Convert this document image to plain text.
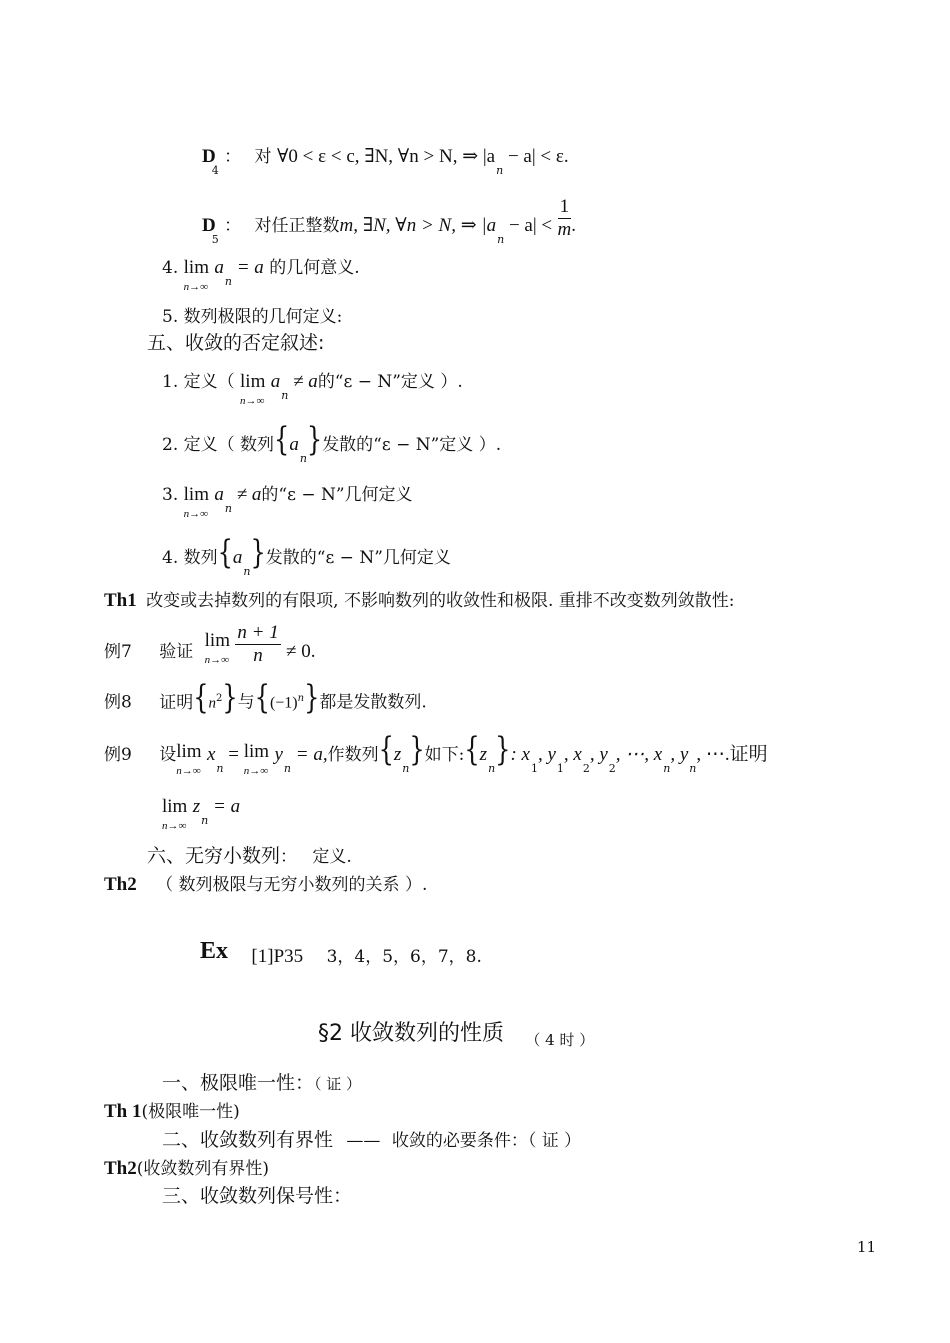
$D_4$ ： 对 ∀0 < ε < c, ∃N, ∀n > N, ⇒ $|a_n - a| < \varepsilon$.
$D_5$ ： 对任正整数m, ∃N, ∀n > N, ⇒ $|a_n - a| < \frac{1}{m}$ .
4. lim
n→∞
$a_n = a$ 的几何意义.
5. 数列极限的几何定义:
五、收敛的否定叙述:
1. 定义（ lim
n→∞
$a_n \ne a$的“ε − N”定义 ）.
2. 定义（ 数列$\{a_n\}$发散的“ε − N”定义 ）.
3. lim
n→∞
$a_n \ne a$的“ε − N”几何定义
4. 数列$\{a_n\}$发散的“ε − N”几何定义
Th1 改变或去掉数列的有限项, 不影响数列的收敛性和极限. 重排不改变数列敛散性:
例7 验证
lim
n→∞
$\frac{n + 1}{n} \ne 0$.
例8 证明$\{n^2\}$与$\{(-1)^n\}$都是发散数列.
例9 设 lim
n→∞
$x_n = \lim$
n→∞
$y_n = a$,作数列$\{z_n\}$如下$:\{z_n\}$: $x_1$, $y_1$, $x_2$, $y_2$, ⋯, $x_n$, $y_n$, ⋯.证明
lim
n→∞
$z_n = a$
六、无穷小数列： 定义.
Th2 （ 数列极限与无穷小数列的关系 ）.
Ex [1]P35 3，4，5，6，7，8.
§2 收敛数列的性质 （ 4 时 ）
一、极限唯一性：（ 证 ）
Th 1(极限唯一性)
二、收敛数列有界性 —— 收敛的必要条件：（ 证 ）
Th2(收敛数列有界性)
三、收敛数列保号性：
11
